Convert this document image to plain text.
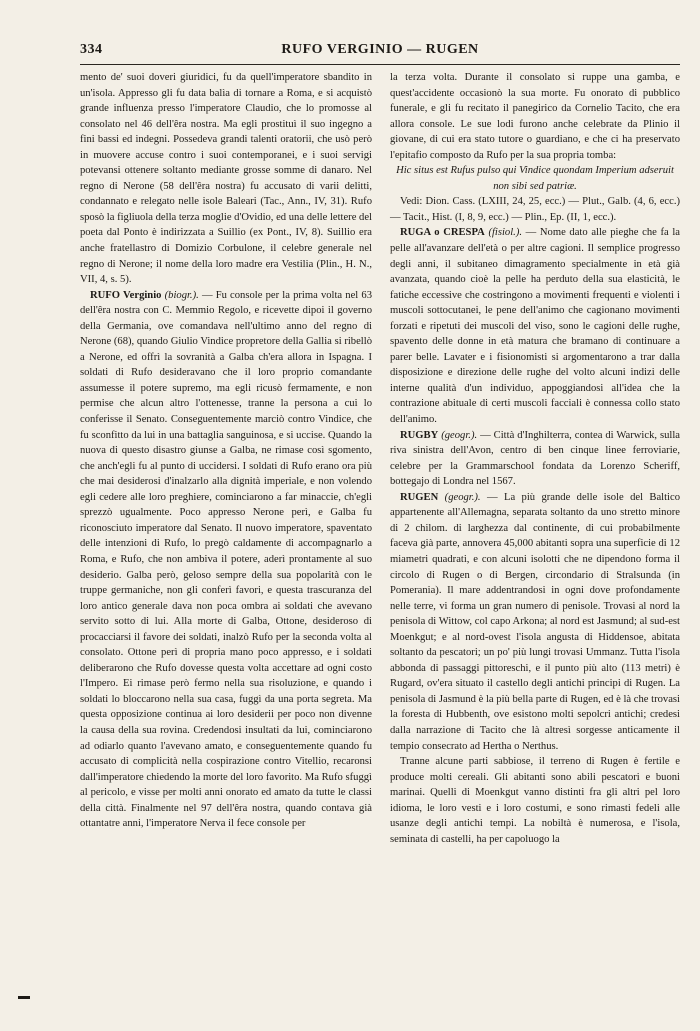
334	RUFO VERGINIO — RUGEN

mento de' suoi doveri giuridici, fu da quell'imperatore sbandito in un'isola. Appresso gli fu data balìa di tornare a Roma, e si acquistò grande influenza presso l'imperatore Claudio, che lo promosse al consolato nel 46 dell'êra nostra. Ma egli prostituì il suo ingegno a fini bassi ed indegni. Possedeva grandi talenti oratorii, che usò però in muovere accuse contro i suoi contemporanei, e i suoi servigi potevansi ottenere soltanto mediante grosse somme di danaro. Nel regno di Nerone (58 dell'êra nostra) fu accusato di varii delitti, condannato e relegato nelle isole Baleari (Tac., Ann., IV, 31). Rufo sposò la figliuola della terza moglie d'Ovidio, ed una delle lettere del poeta dal Ponto è indirizzata a Suillio (ex Pont., IV, 8). Suillio era anche fratellastro di Domizio Corbulone, il celebre generale nel regno di Nerone; il nome della loro madre era Vestilia (Plin., H. N., VII, 4, s. 5).

RUFO Verginio (biogr.). — Fu console per la prima volta nel 63 dell'êra nostra con C. Memmio Regolo, e ricevette dipoi il governo della Germania, ove comandava nell'ultimo anno del regno di Nerone (68), quando Giulio Vindice propretore della Gallia si ribellò a Nerone, ed offrì la sovranità a Galba ch'era allora in Ispagna. I soldati di Rufo desideravano che il loro proprio comandante assumesse il potere supremo, ma egli ricusò fermamente, e non permise che alcun altro l'ottenesse, tranne la persona a cui lo conferisse il Senato. Conseguentemente marciò contro Vindice, che fu sconfitto da lui in una battaglia sanguinosa, e si uccise. Quando la nuova di questo disastro giunse a Galba, ne rimase così sgomento, che anch'egli fu al punto di uccidersi. I soldati di Rufo erano ora più che mai desiderosi d'inalzarlo alla dignità imperiale, e non volendo egli cedere alle loro preghiere, cominciarono a far minaccie, ch'egli sprezzò ugualmente. Poco appresso Nerone perì, e Galba fu riconosciuto imperatore dal Senato. Il nuovo imperatore, spaventato delle intenzioni di Rufo, lo pregò caldamente di accompagnarlo a Roma, e Rufo, che non ambiva il potere, aderì prontamente al suo desiderio. Galba però, geloso sempre della sua popolarità con le truppe germaniche, non gli conferì favori, e questa trascuranza del loro antico generale dava non poca ombra ai soldati che avevano servito sotto di lui. Alla morte di Galba, Ottone, desideroso di procacciarsi il favore dei soldati, inalzò Rufo per la seconda volta al consolato. Ottone perì di propria mano poco appresso, e i soldati deliberarono che Rufo dovesse questa volta accettare ad ogni costo l'Impero. Ei rimase però fermo nella sua risoluzione, e quando i soldati lo bloccarono nella sua casa, fuggì da una porta segreta. Ma questa opposizione continua ai loro desiderii per poco non divenne la causa della sua rovina. Credendosi insultati da lui, cominciarono ad odiarlo quanto l'avevano amato, e conseguentemente quando fu accusato di complicità nella cospirazione contro Vitellio, recaronsi dall'imperatore chiedendo la morte del loro favorito. Ma Rufo sfuggì al pericolo, e visse per molti anni onorato ed amato da tutte le classi della città. Finalmente nel 97 dell'êra nostra, quando contava già ottantatre anni, l'imperatore Nerva il fece console per

la terza volta. Durante il consolato si ruppe una gamba, e quest'accidente occasionò la sua morte. Fu onorato di pubblico funerale, e gli fu recitato il panegirico da Cornelio Tacito, che era allora console. Le sue lodi furono anche celebrate da Plinio il giovane, di cui era stato tutore o guardiano, e che ci ha preservato l'epitafio composto da Rufo per la sua propria tomba:

Hic situs est Rufus pulso qui Vindice quondam Imperium adseruit non sibi sed patriæ.

Vedi: Dion. Cass. (LXIII, 24, 25, ecc.) — Plut., Galb. (4, 6, ecc.) — Tacit., Hist. (I, 8, 9, ecc.) — Plin., Ep. (II, 1, ecc.).

RUGA o CRESPA (fisiol.). — Nome dato alle pieghe che fa la pelle all'avanzare dell'età o per altre cagioni. Il semplice progresso degli anni, il subitaneo dimagramento specialmente in età già avanzata, quando cioè la pelle ha perduto della sua elasticità, le fatiche eccessive che costringono a movimenti frequenti e violenti i muscoli sottocutanei, le pene dell'animo che cagionano movimenti forzati e ripetuti dei muscoli del viso, sono le cagioni delle rughe, spavento delle donne in età matura che bramano di continuare a parer belle. Lavater e i fisionomisti si argomentarono a trar dalla disposizione e direzione delle rughe del volto alcuni indizi delle interne qualità d'un individuo, appoggiandosi all'idea che la contrazione abituale di certi muscoli facciali è connessa collo stato dell'animo.

RUGBY (geogr.). — Città d'Inghilterra, contea di Warwick, sulla riva sinistra dell'Avon, centro di ben cinque linee ferroviarie, celebre per la Grammarschool fondata da Lorenzo Scheriff, bottegajo di Londra nel 1567.

RUGEN (geogr.). — La più grande delle isole del Baltico appartenente all'Allemagna, separata soltanto da uno stretto minore di 2 chilom. di larghezza dal continente, di cui probabilmente faceva già parte, annovera 45,000 abitanti sopra una superficie di 12 miametri quadrati, e con alcuni isolotti che ne dipendono forma il circolo di Rugen o di Bergen, circondario di Stralsunda (in Pomerania). Il mare addentrandosi in ogni dove profondamente nelle terre, vi forma un gran numero di penisole. Trovasi al nord la penisola di Wittow, col capo Arkona; al nord est Jasmund; al sud-est Moenkgut; e al nord-ovest l'isola angusta di Hiddensoe, abitata soltanto da pescatori; un po' più lungi trovasi Ummanz. Tutta l'isola abbonda di passaggi pittoreschi, e il punto più alto (113 metri) è Rugard, ov'era situato il castello degli antichi principi di Rugen. La penisola di Jasmund è la più bella parte di Rugen, ed è là che trovasi la foresta di Hubbenth, ove esistono molti sepolcri antichi; credesi dalla narrazione di Tacito che là altresì sorgesse anticamente il tempio consecrato ad Hertha o Nerthus.

Tranne alcune parti sabbiose, il terreno di Rugen è fertile e produce molti cereali. Gli abitanti sono abili pescatori e buoni marinai. Quelli di Moenkgut vanno distinti fra gli altri pel loro idioma, le loro vesti e i loro costumi, e sono rimasti fedeli alle usanze degli antichi tempi. La nobiltà è numerosa, e l'isola, seminata di castelli, ha per capoluogo la
